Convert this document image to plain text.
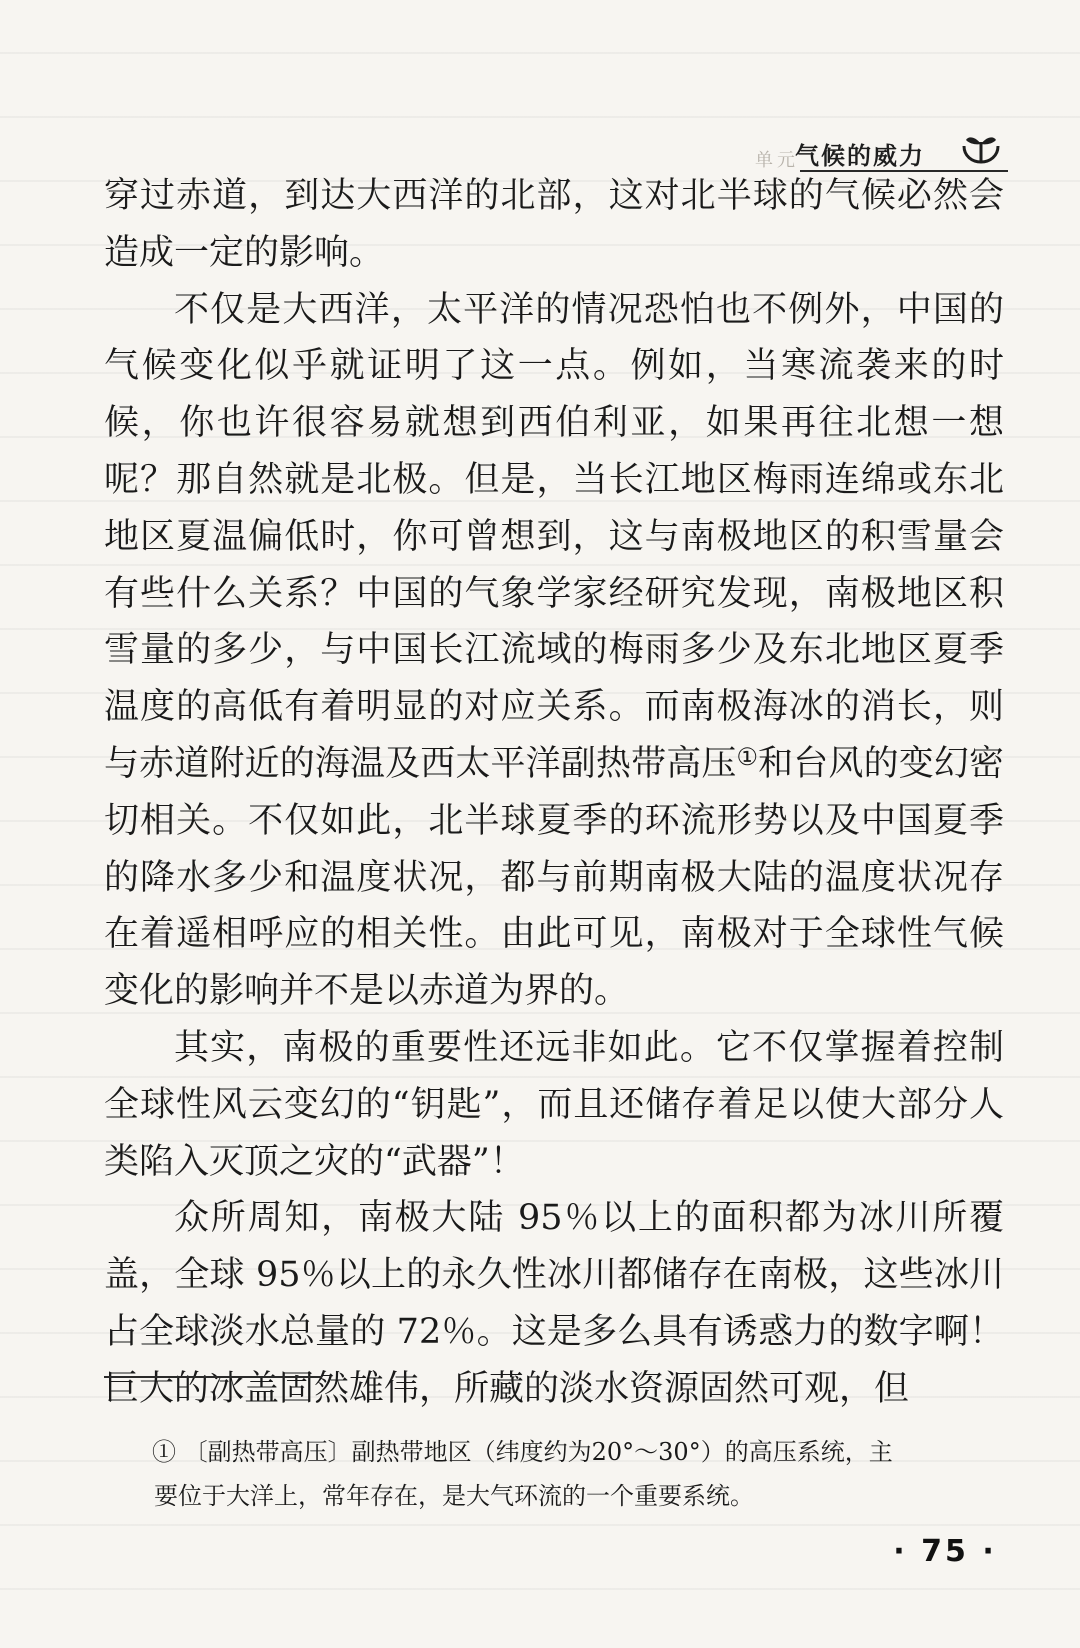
单元
气候的威力

穿过赤道，到达大西洋的北部，这对北半球的气候必然会造成一定的影响。

不仅是大西洋，太平洋的情况恐怕也不例外，中国的气候变化似乎就证明了这一点。例如，当寒流袭来的时候，你也许很容易就想到西伯利亚，如果再往北想一想呢？那自然就是北极。但是，当长江地区梅雨连绵或东北地区夏温偏低时，你可曾想到，这与南极地区的积雪量会有些什么关系？中国的气象学家经研究发现，南极地区积雪量的多少，与中国长江流域的梅雨多少及东北地区夏季温度的高低有着明显的对应关系。而南极海冰的消长，则与赤道附近的海温及西太平洋副热带高压①和台风的变幻密切相关。不仅如此，北半球夏季的环流形势以及中国夏季的降水多少和温度状况，都与前期南极大陆的温度状况存在着遥相呼应的相关性。由此可见，南极对于全球性气候变化的影响并不是以赤道为界的。

其实，南极的重要性还远非如此。它不仅掌握着控制全球性风云变幻的“钥匙”，而且还储存着足以使大部分人类陷入灭顶之灾的“武器”！

众所周知，南极大陆 95％以上的面积都为冰川所覆盖，全球 95％以上的永久性冰川都储存在南极，这些冰川占全球淡水总量的 72％。这是多么具有诱惑力的数字啊！巨大的冰盖固然雄伟，所藏的淡水资源固然可观，但

① 〔副热带高压〕副热带地区（纬度约为20°～30°）的高压系统，主
要位于大洋上，常年存在，是大气环流的一个重要系统。
· 75 ·
